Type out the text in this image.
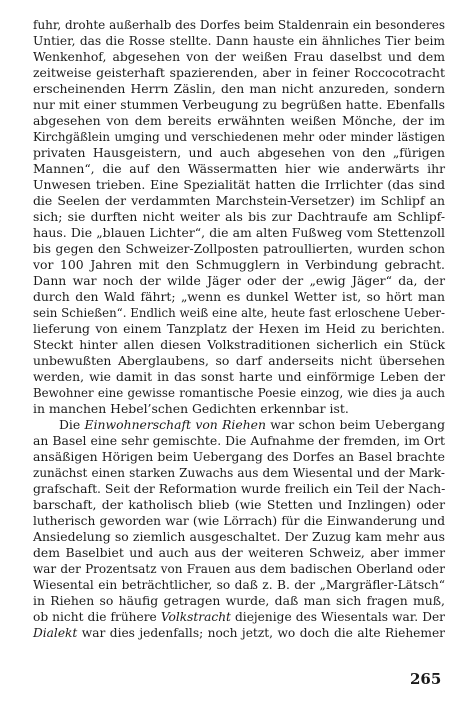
fuhr, drohte außerhalb des Dorfes beim Staldenrain ein besonderes
Untier, das die Rosse stellte. Dann hauste ein ähnliches Tier beim
Wenkenhof, abgesehen von der weißen Frau daselbst und dem
zeitweise geisterhaft spazierenden, aber in feiner Roccocotracht
erscheinenden Herrn Zäslin, den man nicht anzureden, sondern
nur mit einer stummen Verbeugung zu begrüßen hatte. Ebenfalls
abgesehen von dem bereits erwähnten weißen Mönche, der im
Kirchgäßlein umging und verschiedenen mehr oder minder lästigen
privaten Hausgeistern, und auch abgesehen von den „fürigen
Mannen“, die auf den Wässermatten hier wie anderwärts ihr
Unwesen trieben. Eine Spezialität hatten die Irrlichter (das sind
die Seelen der verdammten Marchstein-Versetzer) im Schlipf an
sich; sie durften nicht weiter als bis zur Dachtraufe am Schlipf-
haus. Die „blauen Lichter“, die am alten Fußweg vom Stettenzoll
bis gegen den Schweizer-Zollposten patroullierten, wurden schon
vor 100 Jahren mit den Schmugglern in Verbindung gebracht.
Dann war noch der wilde Jäger oder der „ewig Jäger“ da, der
durch den Wald fährt; „wenn es dunkel Wetter ist, so hört man
sein Schießen“. Endlich weiß eine alte, heute fast erloschene Ueber-
lieferung von einem Tanzplatz der Hexen im Heid zu berichten.
Steckt hinter allen diesen Volkstraditionen sicherlich ein Stück
unbewußten Aberglaubens, so darf anderseits nicht übersehen
werden, wie damit in das sonst harte und einförmige Leben der
Bewohner eine gewisse romantische Poesie einzog, wie dies ja auch
in manchen Hebel’schen Gedichten erkennbar ist.
Die Einwohnerschaft von Riehen war schon beim Uebergang
an Basel eine sehr gemischte. Die Aufnahme der fremden, im Ort
ansäßigen Hörigen beim Uebergang des Dorfes an Basel brachte
zunächst einen starken Zuwachs aus dem Wiesental und der Mark-
grafschaft. Seit der Reformation wurde freilich ein Teil der Nach-
barschaft, der katholisch blieb (wie Stetten und Inzlingen) oder
lutherisch geworden war (wie Lörrach) für die Einwanderung und
Ansiedelung so ziemlich ausgeschaltet. Der Zuzug kam mehr aus
dem Baselbiet und auch aus der weiteren Schweiz, aber immer
war der Prozentsatz von Frauen aus dem badischen Oberland oder
Wiesental ein beträchtlicher, so daß z. B. der „Margräfler-Lätsch“
in Riehen so häufig getragen wurde, daß man sich fragen muß,
ob nicht die frühere Volkstracht diejenige des Wiesentals war. Der
Dialekt war dies jedenfalls; noch jetzt, wo doch die alte Riehemer
265
